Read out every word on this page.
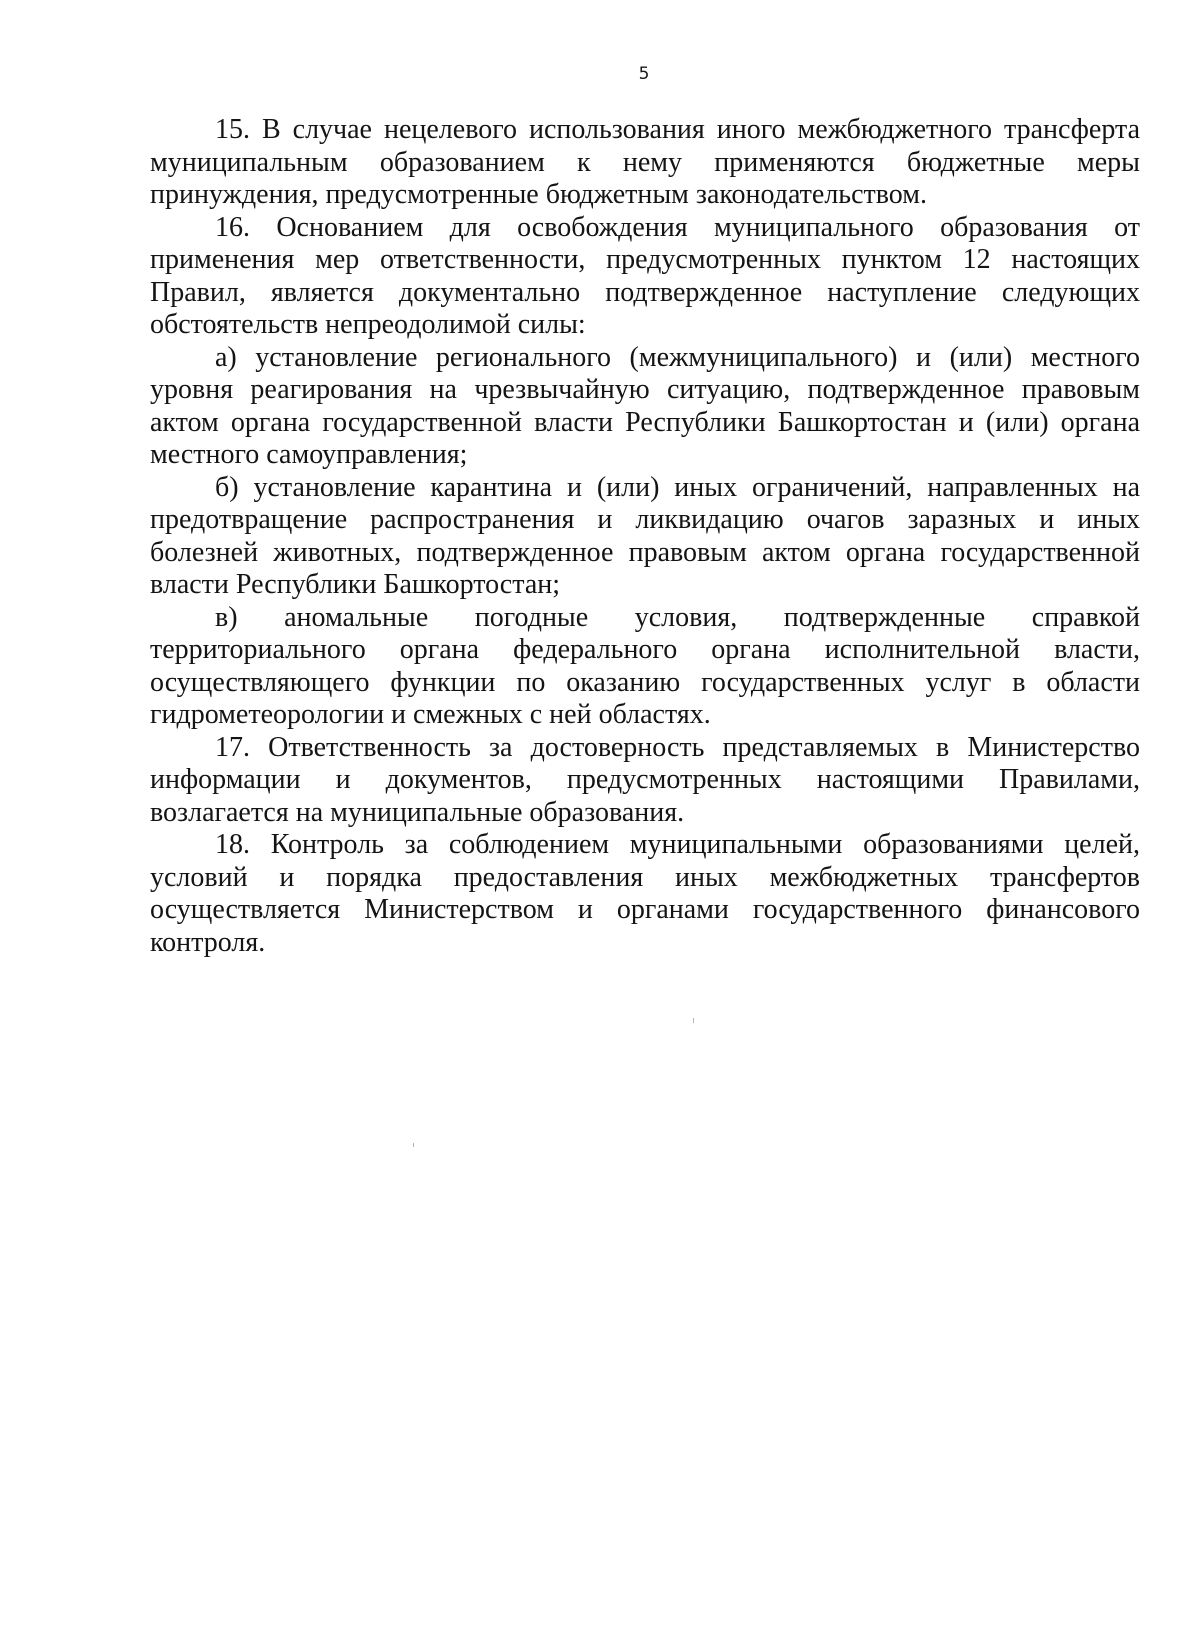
5

15. В случае нецелевого использования иного межбюджетного трансферта муниципальным образованием к нему применяются бюджетные меры принуждения, предусмотренные бюджетным законодательством.

16. Основанием для освобождения муниципального образования от применения мер ответственности, предусмотренных пунктом 12 настоящих Правил, является документально подтвержденное наступление следующих обстоятельств непреодолимой силы:

а) установление регионального (межмуниципального) и (или) местного уровня реагирования на чрезвычайную ситуацию, подтвержденное правовым актом органа государственной власти Республики Башкортостан и (или) органа местного самоуправления;

б) установление карантина и (или) иных ограничений, направленных на предотвращение распространения и ликвидацию очагов заразных и иных болезней животных, подтвержденное правовым актом органа государственной власти Республики Башкортостан;

в) аномальные погодные условия, подтвержденные справкой территориального органа федерального органа исполнительной власти, осуществляющего функции по оказанию государственных услуг в области гидрометеорологии и смежных с ней областях.

17. Ответственность за достоверность представляемых в Министерство информации и документов, предусмотренных настоящими Правилами, возлагается на муниципальные образования.

18. Контроль за соблюдением муниципальными образованиями целей, условий и порядка предоставления иных межбюджетных трансфертов осуществляется Министерством и органами государственного финансового контроля.
